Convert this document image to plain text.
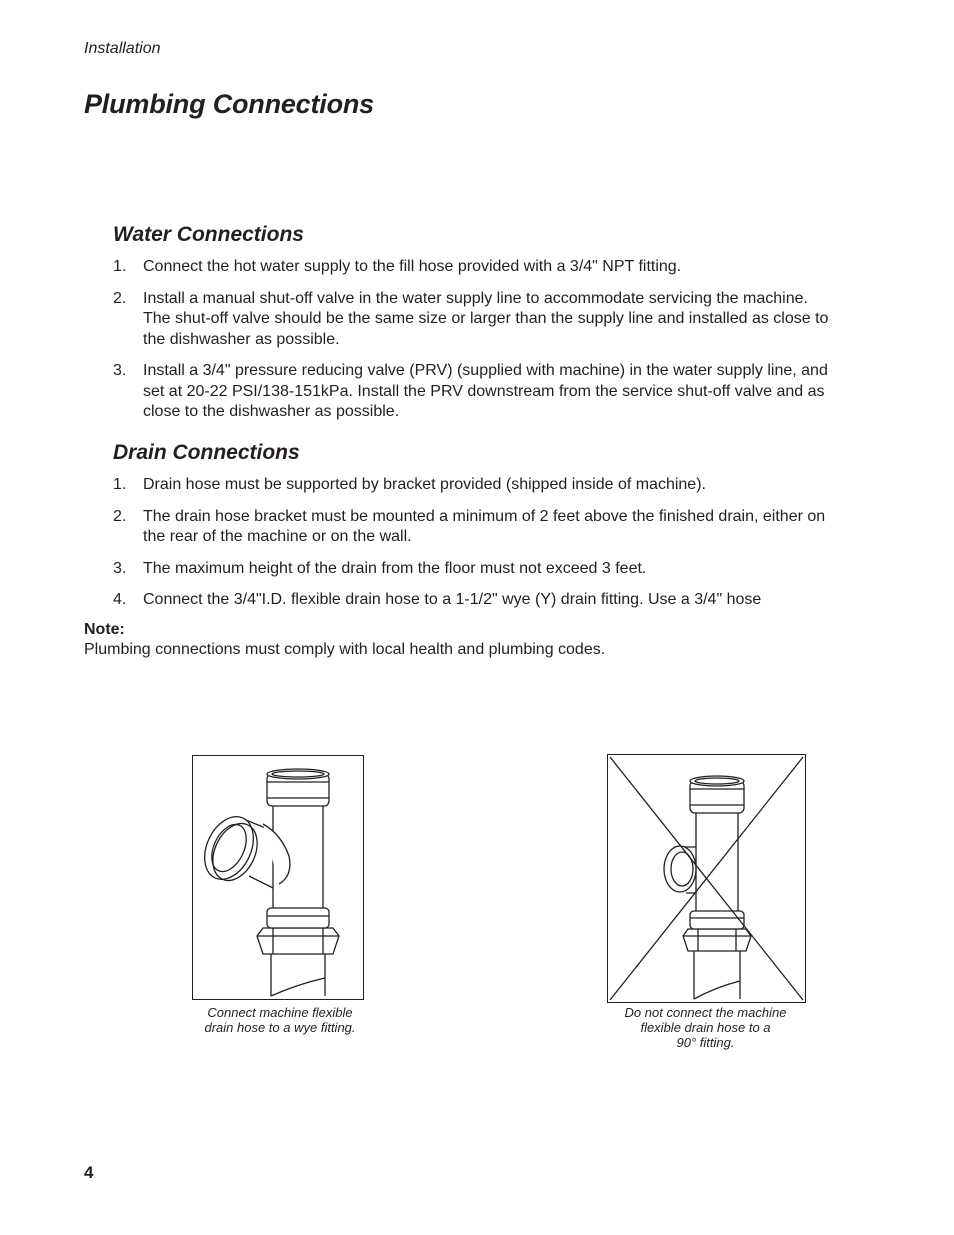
Installation
Plumbing Connections
Water Connections
1. Connect the hot water supply to the fill hose provided with a 3/4" NPT fitting.
2. Install a manual shut-off valve in the water supply line to accommodate servicing the machine. The shut-off valve should be the same size or larger than the supply line and installed as close to the dishwasher as possible.
3. Install a 3/4" pressure reducing valve (PRV) (supplied with machine) in the water supply line, and set at 20-22 PSI/138-151kPa. Install the PRV downstream from the service shut-off valve and as close to the dishwasher as possible.
Drain Connections
1. Drain hose must be supported by bracket provided (shipped inside of machine).
2. The drain hose bracket must be mounted a minimum of 2 feet above the finished drain, either on the rear of the machine or on the wall.
3. The maximum height of the drain from the floor must not exceed 3 feet.
4. Connect the 3/4"I.D. flexible drain hose to a 1-1/2" wye (Y) drain fitting. Use a 3/4" hose
Note:
Plumbing connections must comply with local health and plumbing codes.
Connect machine flexible
drain hose to a wye fitting.
Do not connect the machine
flexible drain hose to a
90° fitting.
4
